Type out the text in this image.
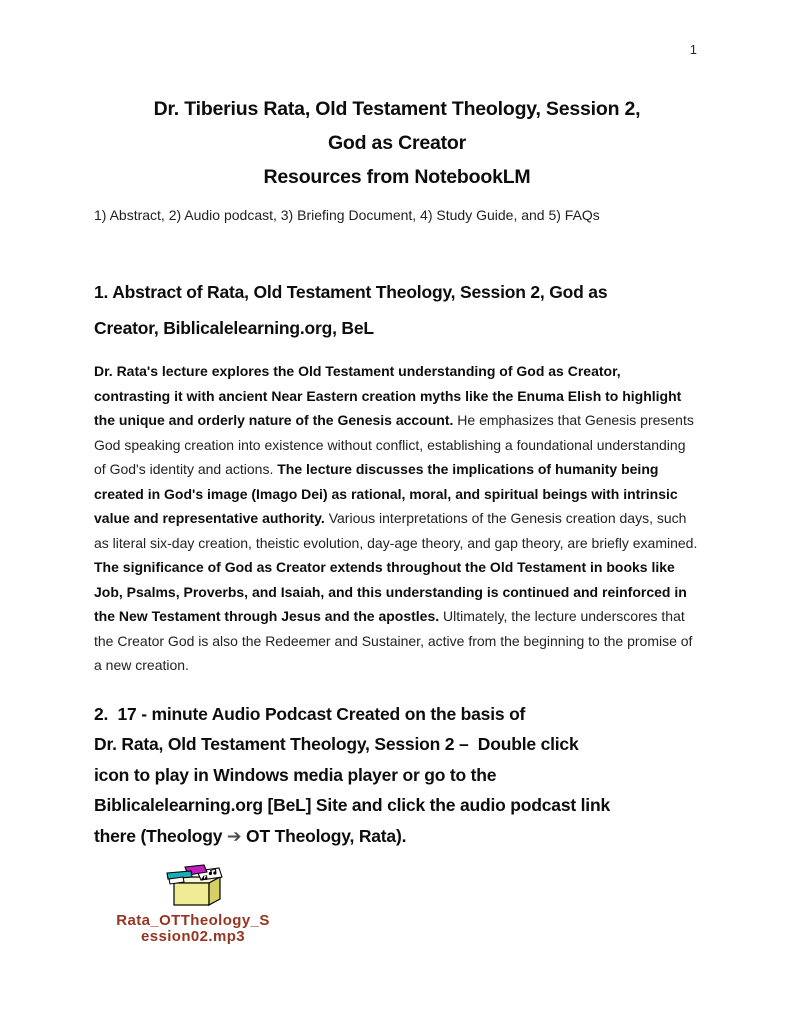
1
Dr. Tiberius Rata, Old Testament Theology, Session 2,
God as Creator
Resources from NotebookLM
1) Abstract, 2) Audio podcast, 3) Briefing Document, 4) Study Guide, and 5) FAQs
1. Abstract of Rata, Old Testament Theology, Session 2, God as
Creator, Biblicalelearning.org, BeL
Dr. Rata's lecture explores the Old Testament understanding of God as Creator, contrasting it with ancient Near Eastern creation myths like the Enuma Elish to highlight the unique and orderly nature of the Genesis account. He emphasizes that Genesis presents God speaking creation into existence without conflict, establishing a foundational understanding of God's identity and actions. The lecture discusses the implications of humanity being created in God's image (Imago Dei) as rational, moral, and spiritual beings with intrinsic value and representative authority. Various interpretations of the Genesis creation days, such as literal six-day creation, theistic evolution, day-age theory, and gap theory, are briefly examined. The significance of God as Creator extends throughout the Old Testament in books like Job, Psalms, Proverbs, and Isaiah, and this understanding is continued and reinforced in the New Testament through Jesus and the apostles. Ultimately, the lecture underscores that the Creator God is also the Redeemer and Sustainer, active from the beginning to the promise of a new creation.
2.  17 - minute Audio Podcast Created on the basis of
Dr. Rata, Old Testament Theology, Session 2 –  Double click
icon to play in Windows media player or go to the
Biblicalelearning.org [BeL] Site and click the audio podcast link
there (Theology ➔ OT Theology, Rata).
Rata_OTTheology_S
ession02.mp3
